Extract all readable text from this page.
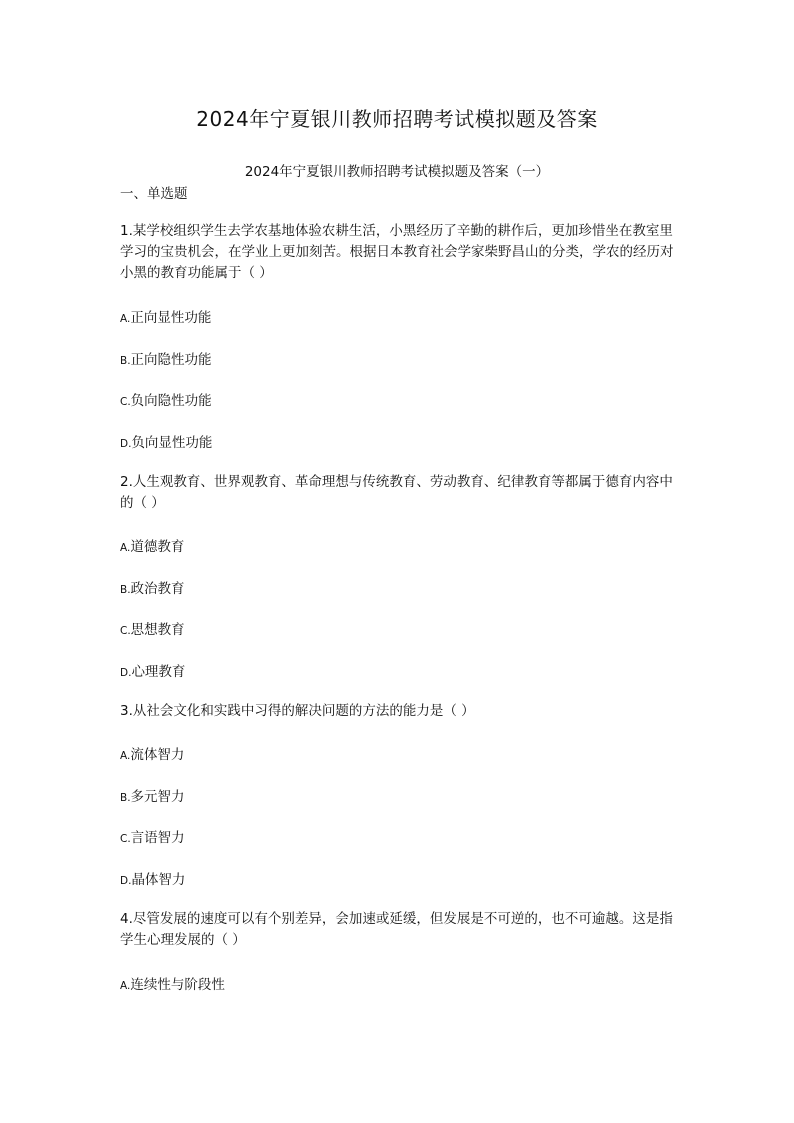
2024年宁夏银川教师招聘考试模拟题及答案
2024年宁夏银川教师招聘考试模拟题及答案（一）
一、单选题
1.某学校组织学生去学农基地体验农耕生活，小黑经历了辛勤的耕作后，更加珍惜坐在教室里学习的宝贵机会，在学业上更加刻苦。根据日本教育社会学家柴野昌山的分类，学农的经历对小黑的教育功能属于（ ）
A.正向显性功能
B.正向隐性功能
C.负向隐性功能
D.负向显性功能
2.人生观教育、世界观教育、革命理想与传统教育、劳动教育、纪律教育等都属于德育内容中的（ ）
A.道德教育
B.政治教育
C.思想教育
D.心理教育
3.从社会文化和实践中习得的解决问题的方法的能力是（ ）
A.流体智力
B.多元智力
C.言语智力
D.晶体智力
4.尽管发展的速度可以有个别差异，会加速或延缓，但发展是不可逆的，也不可逾越。这是指学生心理发展的（ ）
A.连续性与阶段性
